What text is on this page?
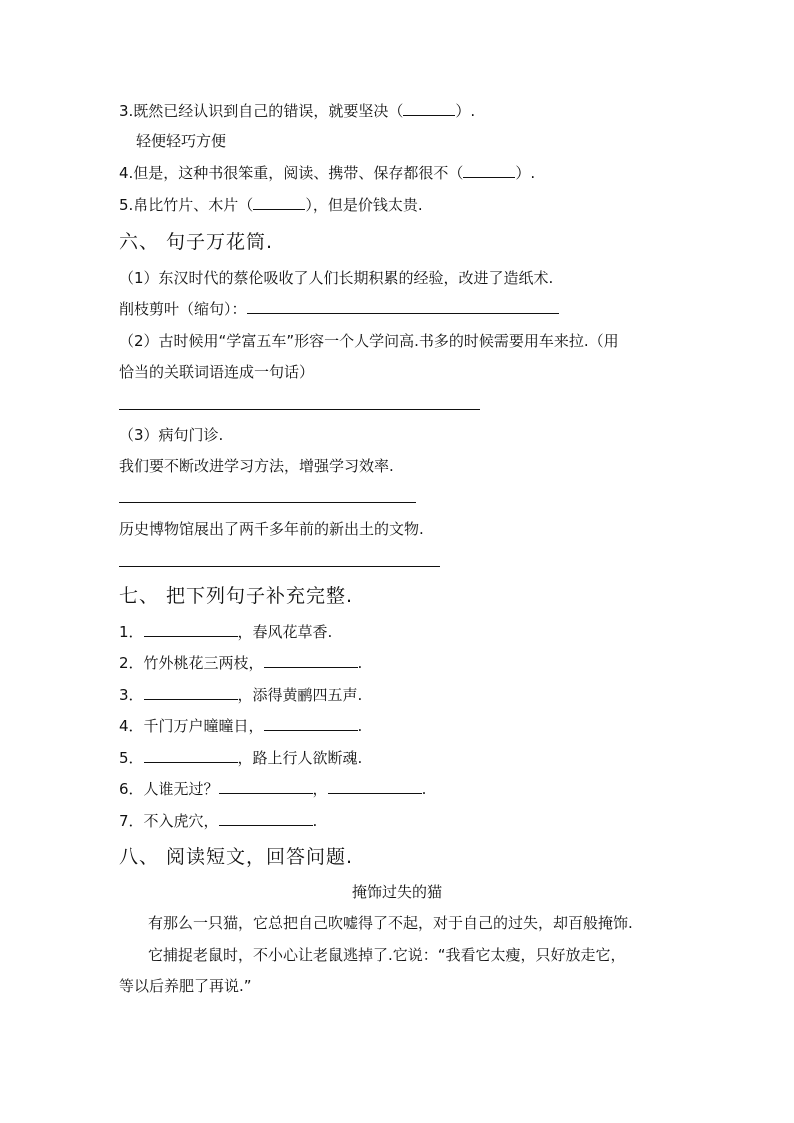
3.既然已经认识到自己的错误，就要坚决（	）.
轻便轻巧方便
4.但是，这种书很笨重，阅读、携带、保存都很不（	）.
5.帛比竹片、木片（	），但是价钱太贵.
六、 句子万花筒.
（1）东汉时代的蔡伦吸收了人们长期积累的经验，改进了造纸术.
削枝剪叶（缩句）：
（2）古时候用“学富五车”形容一个人学问高.书多的时候需要用车来拉.（用
恰当的关联词语连成一句话）
（3）病句门诊.
我们要不断改进学习方法，增强学习效率.
历史博物馆展出了两千多年前的新出土的文物.
七、 把下列句子补充完整.
1．	，春风花草香.
2．竹外桃花三两枝，	.
3．	，添得黄鹂四五声.
4．千门万户曈曈日，	.
5．	，路上行人欲断魂.
6．人谁无过？	，	.
7．不入虎穴，	.
八、 阅读短文，回答问题.
掩饰过失的猫
有那么一只猫，它总把自己吹嘘得了不起，对于自己的过失，却百般掩饰.
它捕捉老鼠时，不小心让老鼠逃掉了.它说：“我看它太瘦，只好放走它，
等以后养肥了再说.”
